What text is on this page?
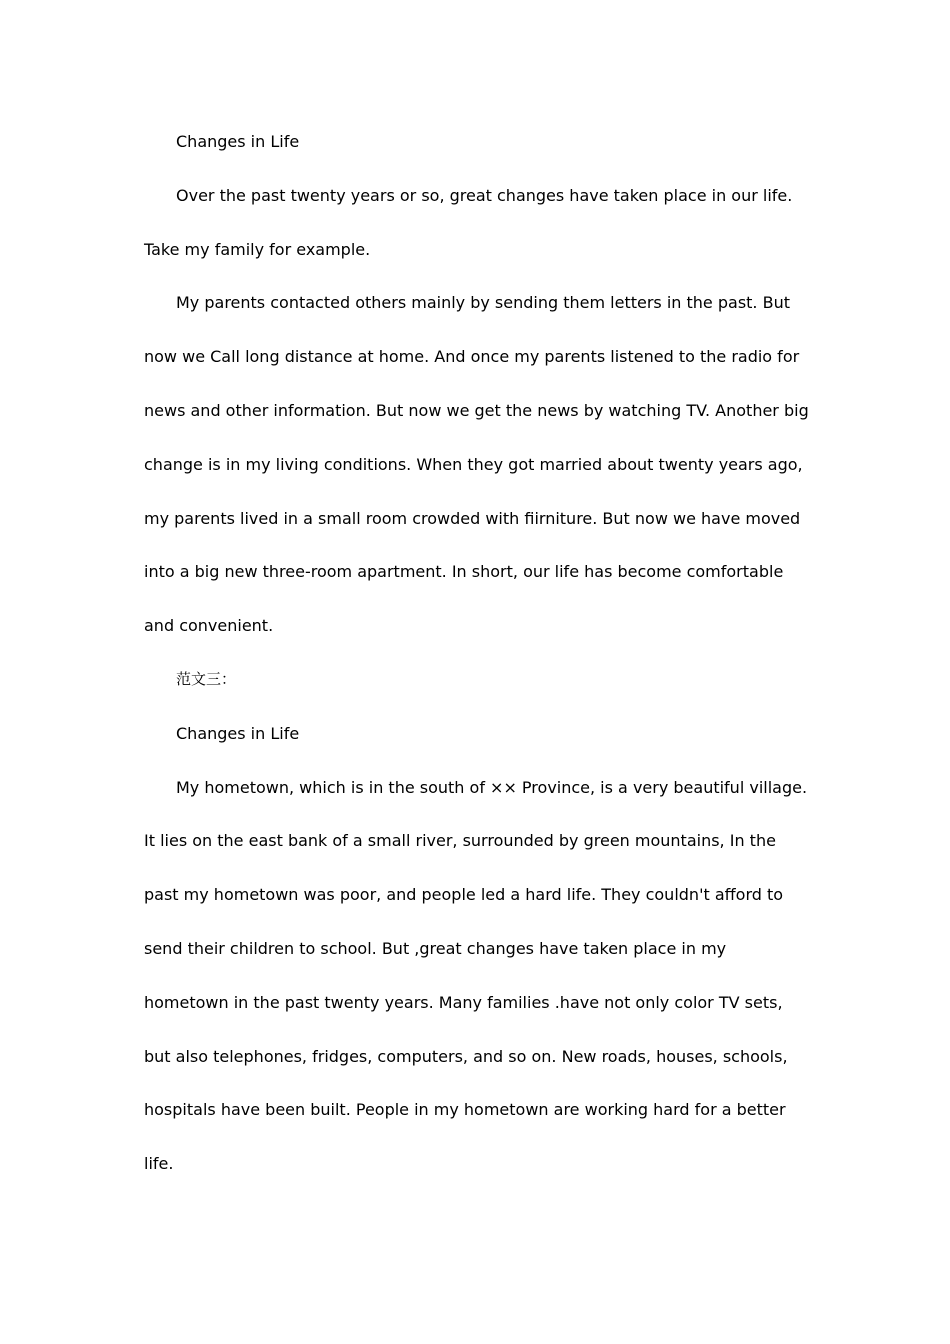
Changes in Life

Over the past twenty years or so, great changes have taken place in our life. Take my family for example.

My parents contacted others mainly by sending them letters in the past. But now we Call long distance at home. And once my parents listened to the radio for news and other information. But now we get the news by watching TV. Another big change is in my living conditions. When they got married about twenty years ago, my parents lived in a small room crowded with fiirniture. But now we have moved into a big new three-room apartment. In short, our life has become comfortable and convenient.

范文三：

Changes in Life

My hometown, which is in the south of ×× Province, is a very beautiful village. It lies on the east bank of a small river, surrounded by green mountains, In the past my hometown was poor, and people led a hard life. They couldn't afford to send their children to school. But ,great changes have taken place in my hometown in the past twenty years. Many families .have not only color TV sets, but also telephones, fridges, computers, and so on. New roads, houses, schools, hospitals have been built. People in my hometown are working hard for a better life.
